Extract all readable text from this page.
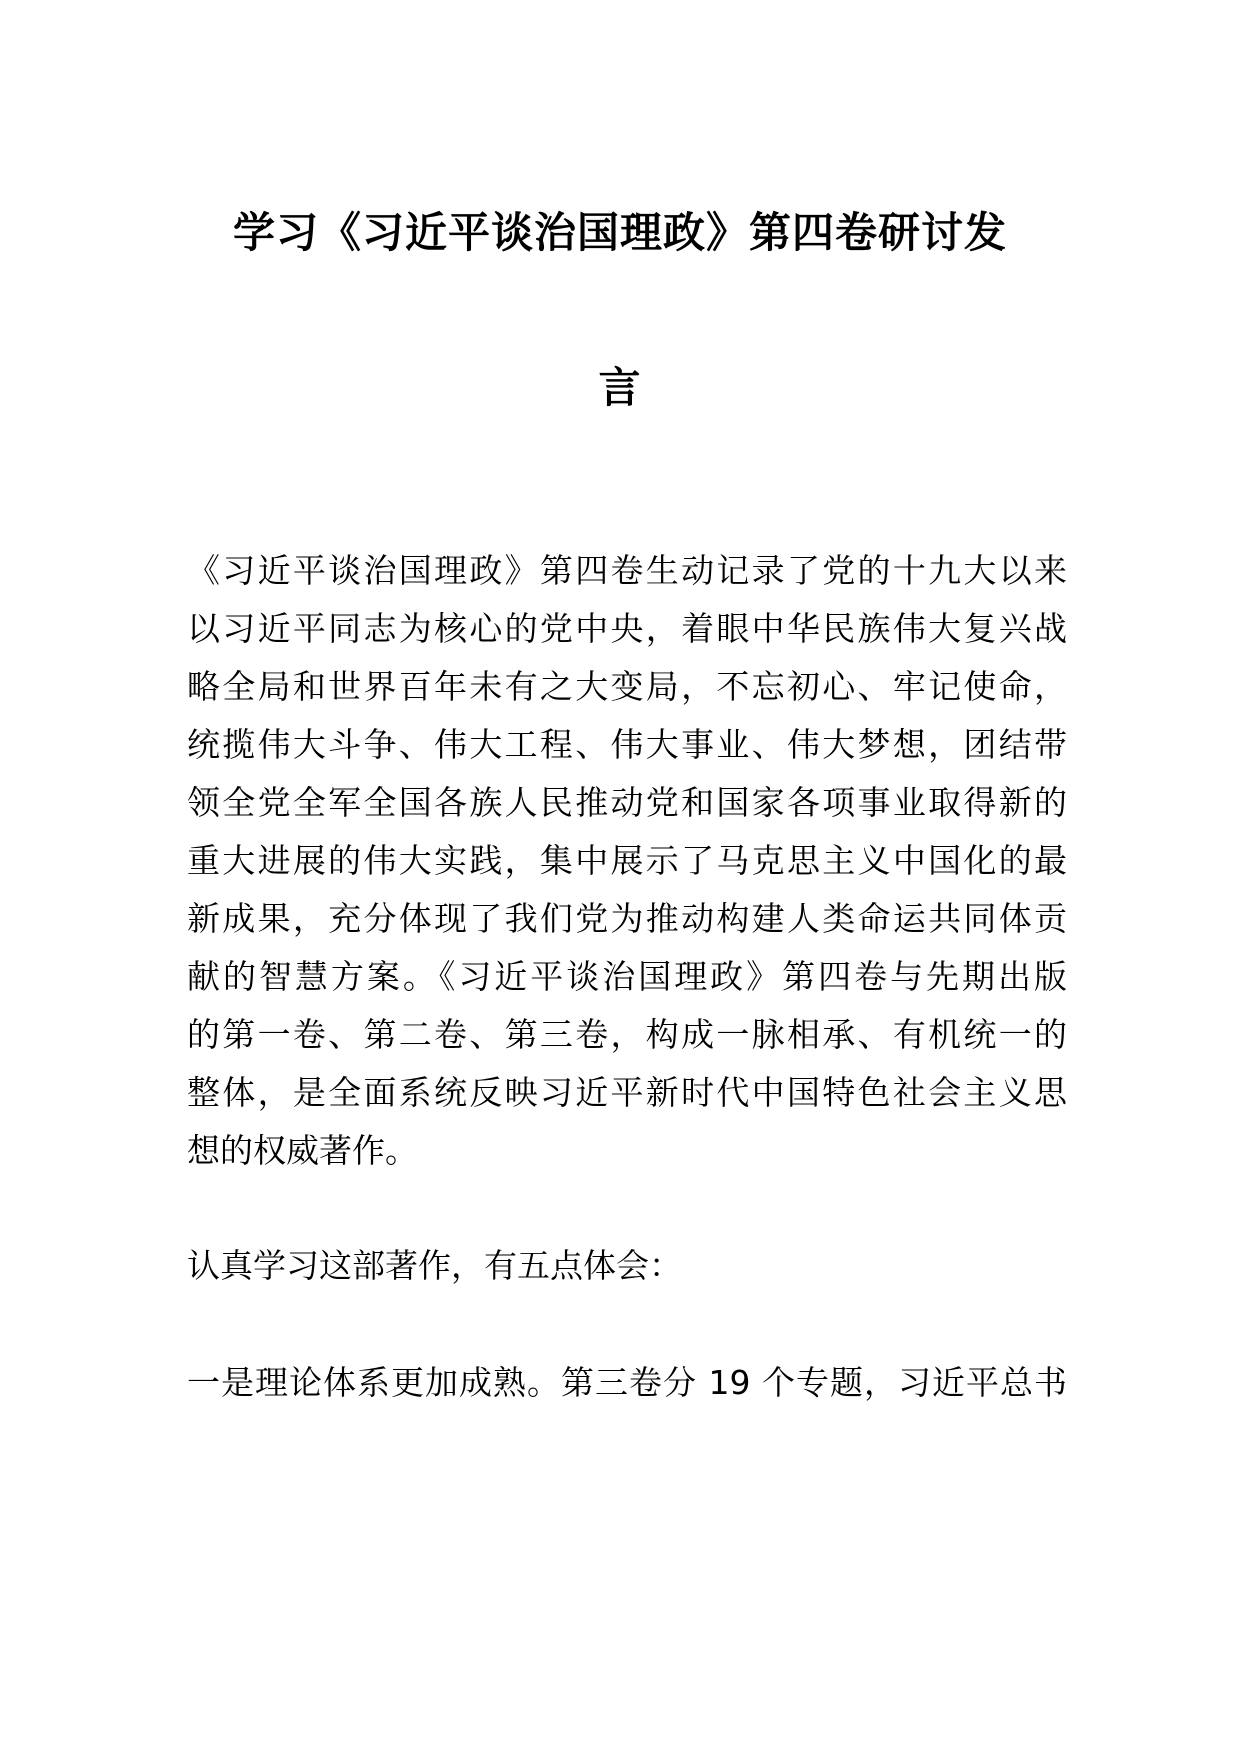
学习《习近平谈治国理政》第四卷研讨发
言
《习近平谈治国理政》第四卷生动记录了党的十九大以来
以习近平同志为核心的党中央，着眼中华民族伟大复兴战
略全局和世界百年未有之大变局，不忘初心、牢记使命，
统揽伟大斗争、伟大工程、伟大事业、伟大梦想，团结带
领全党全军全国各族人民推动党和国家各项事业取得新的
重大进展的伟大实践，集中展示了马克思主义中国化的最
新成果，充分体现了我们党为推动构建人类命运共同体贡
献的智慧方案。《习近平谈治国理政》第四卷与先期出版
的第一卷、第二卷、第三卷，构成一脉相承、有机统一的
整体，是全面系统反映习近平新时代中国特色社会主义思
想的权威著作。
认真学习这部著作，有五点体会：
一是理论体系更加成熟。第三卷分 19 个专题，习近平总书
